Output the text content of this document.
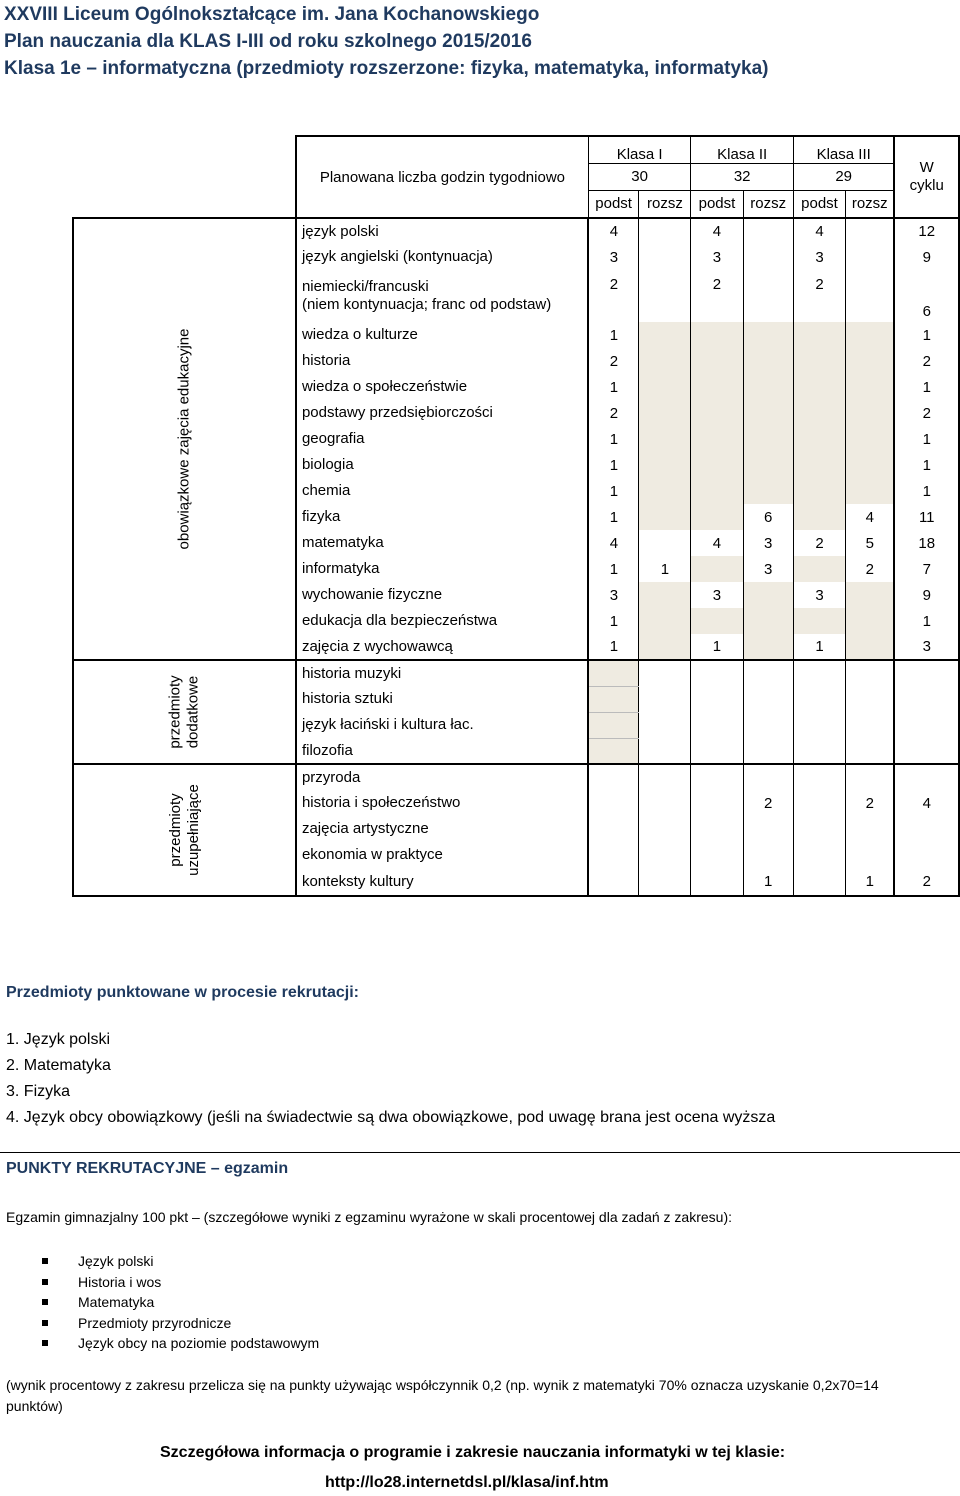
XXVIII Liceum Ogólnokształcące im. Jana Kochanowskiego
Plan nauczania dla KLAS I-III od roku szkolnego 2015/2016
Klasa 1e – informatyczna (przedmioty rozszerzone: fizyka, matematyka, informatyka)
	Planowana liczba godzin tygodniowo	Klasa I		Klasa II		Klasa III		W
cyklu

		30		32		29		
		podst	rozsz	podst	rozsz	podst	rozsz	
obowiązkowe zajęcia edukacyjne	język polski	4		4		4		12

	język angielski (kontynuacja)	3		3		3		9

	niemiecki/francuski
(niem kontynuacja; franc od podstaw)	2		2		2		6

	wiedza o kulturze	1						1

	historia	2						2

	wiedza o społeczeństwie	1						1

	podstawy przedsiębiorczości	2						2

	geografia	1						1

	biologia	1						1

	chemia	1						1

	fizyka	1			6		4	11

	matematyka	4		4	3	2	5	18

	informatyka	1	1		3		2	7

	wychowanie fizyczne	3		3		3		9

	edukacja dla bezpieczeństwa	1						1

	zajęcia z wychowawcą	1		1		1		3
przedmioty
dodatkowe	historia muzyki							

	historia sztuki							

	język łaciński i kultura łac.							

	filozofia							

przedmioty
uzupełniające	przyroda							

	historia i społeczeństwo				2		2	4

	zajęcia artystyczne							

	ekonomia w praktyce							

	konteksty kultury				1		1	2
Przedmioty punktowane w procesie rekrutacji:
1. Język polski
2. Matematyka
3. Fizyka
4. Język obcy obowiązkowy (jeśli na świadectwie są dwa obowiązkowe, pod uwagę brana jest ocena wyższa
PUNKTY REKRUTACYJNE – egzamin
Egzamin gimnazjalny 100 pkt – (szczegółowe wyniki z egzaminu wyrażone w skali procentowej dla zadań z zakresu):
Język polski
Historia i wos
Matematyka
Przedmioty przyrodnicze
Język obcy na poziomie podstawowym
(wynik procentowy z zakresu przelicza się na punkty używając współczynnik 0,2 (np. wynik z matematyki 70% oznacza uzyskanie 0,2x70=14
punktów)
Szczegółowa informacja o programie i zakresie nauczania informatyki w tej klasie:
http://lo28.internetdsl.pl/klasa/inf.htm
